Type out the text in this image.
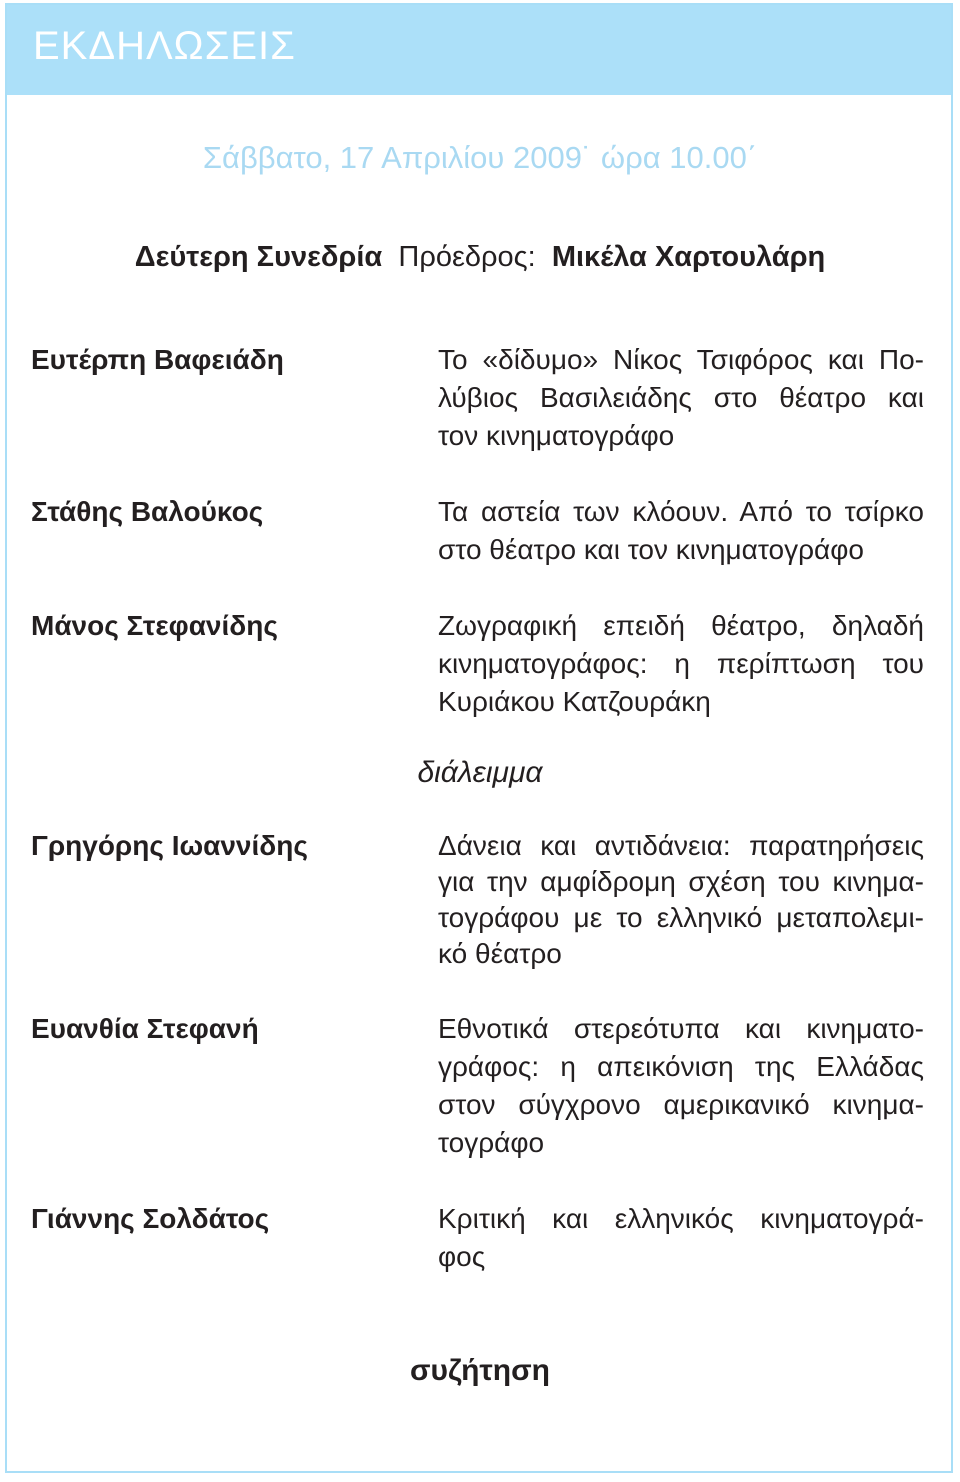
ΕΚΔΗΛΩΣΕΙΣ
Σάββατο, 17 Απριλίου 2009˙ ώρα 10.00΄
Δεύτερη Συνεδρία Πρόεδρος: Μικέλα Χαρτουλάρη
Ευτέρπη Βαφειάδη	Το «δίδυμο» Νίκος Τσιφόρος και Πο-
λύβιος Βασιλειάδης στο θέατρο και
τον κινηματογράφο
Στάθης Βαλούκος	Τα αστεία των κλόουν. Από το τσίρκο
στο θέατρο και τον κινηματογράφο
Μάνος Στεφανίδης	Ζωγραφική επειδή θέατρο, δηλαδή
κινηματογράφος: η περίπτωση του
Κυριάκου Κατζουράκη
Γρηγόρης Ιωαννίδης	Δάνεια και αντιδάνεια: παρατηρήσεις
για την αμφίδρομη σχέση του κινημα-
τογράφου με το ελληνικό μεταπολεμι-
κό θέατρο
Ευανθία Στεφανή	Εθνοτικά στερεότυπα και κινηματο-
γράφος: η απεικόνιση της Ελλάδας
στον σύγχρονο αμερικανικό κινημα-
τογράφο
Γιάννης Σολδάτος	Κριτική και ελληνικός κινηματογρά-
φος
διάλειμμα
συζήτηση
